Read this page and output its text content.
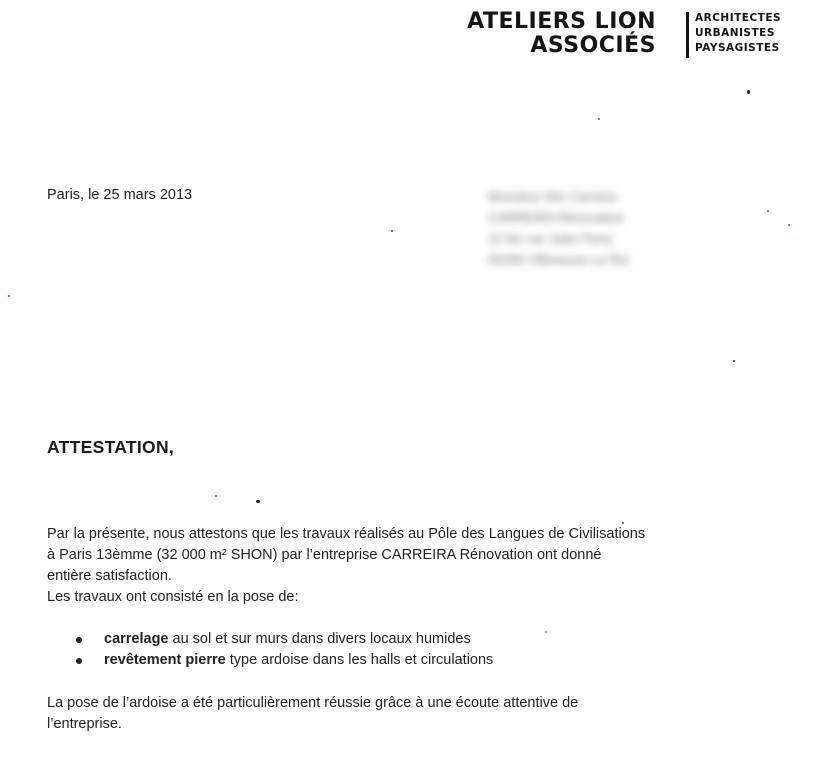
ATELIERS LION
ASSOCIÉS
ARCHITECTES
URBANISTES
PAYSAGISTES
Paris, le 25 mars 2013	Monsieur Elic Carreira
CARREIRA Rénovation
12 bis rue Jules Ferry
94290 Villeneuve Le Roi
ATTESTATION,

Par la présente, nous attestons que les travaux réalisés au Pôle des Langues de Civilisations à Paris 13èmme (32 000 m² SHON) par l’entreprise CARREIRA Rénovation ont donné entière satisfaction.

Les travaux ont consisté en la pose de:

carrelage au sol et sur murs dans divers locaux humides
revêtement pierre type ardoise dans les halls et circulations

La pose de l’ardoise a été particulièrement réussie grâce à une écoute attentive de l’entreprise.
